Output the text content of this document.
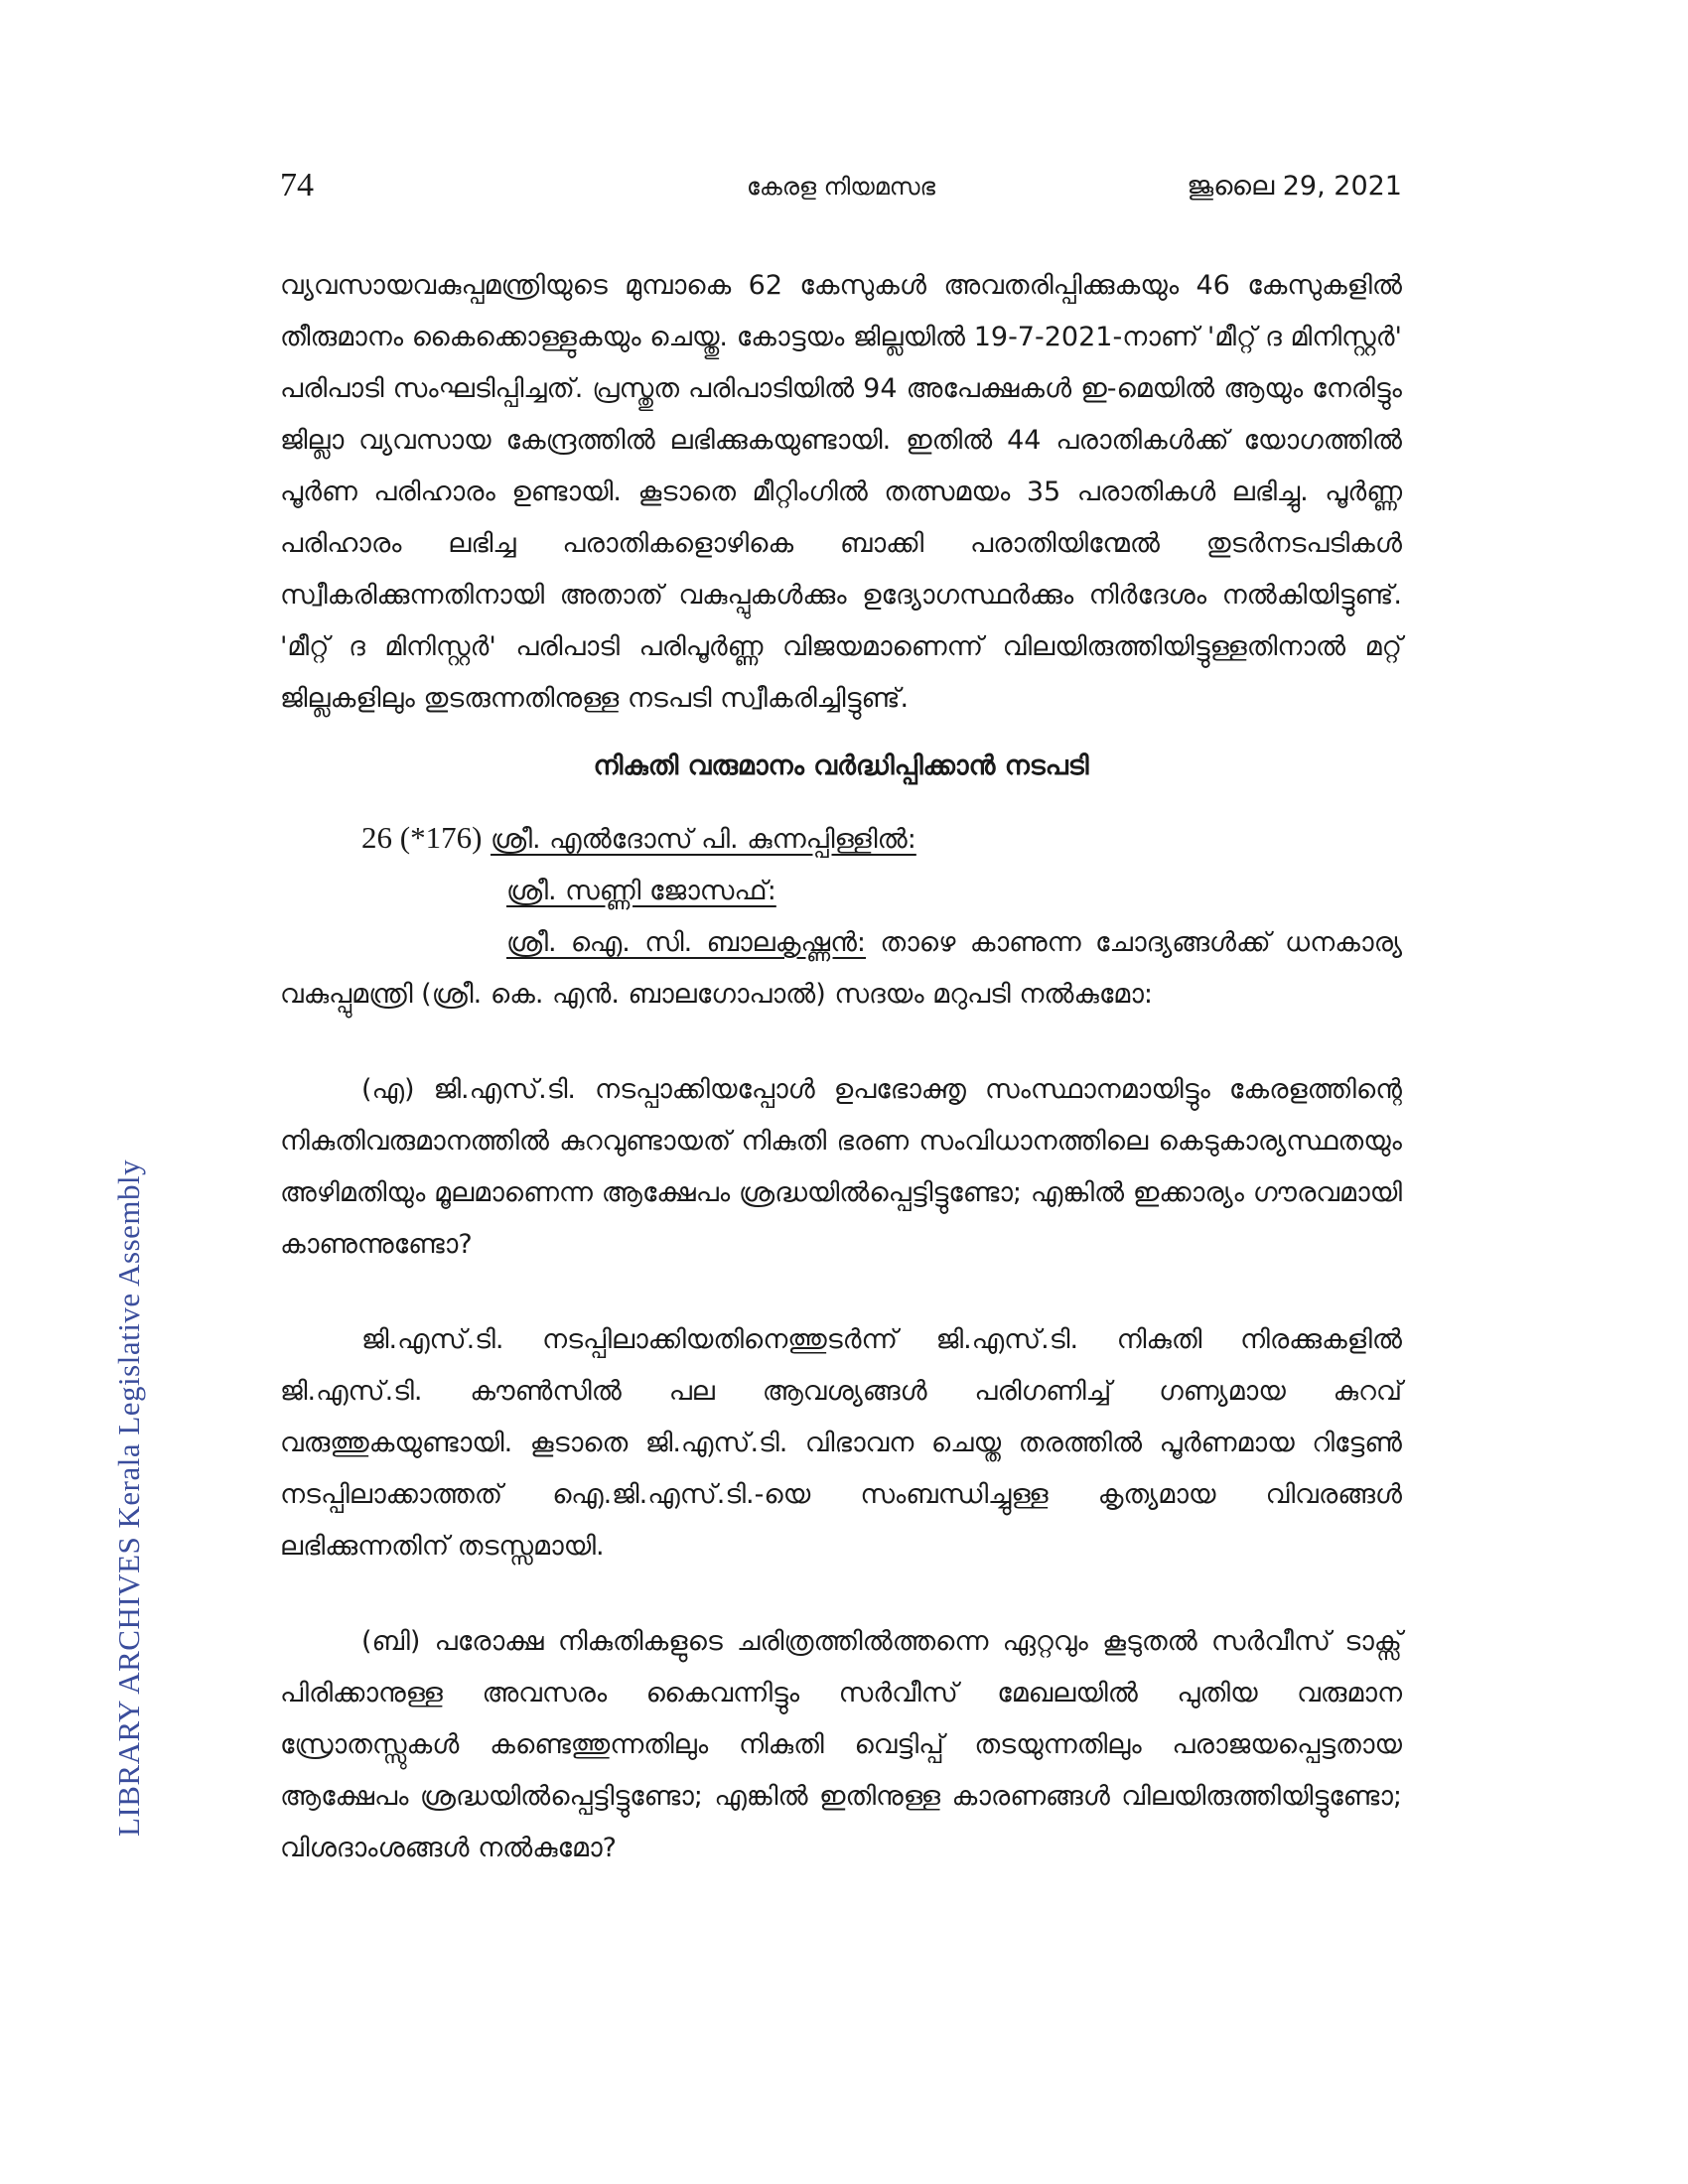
74	കേരള നിയമസഭ	ജൂലൈ 29, 2021
LIBRARY ARCHIVES Kerala Legislative Assembly

വ്യവസായവകുപ്പമന്ത്രിയുടെ മുമ്പാകെ 62 കേസുകൾ അവതരിപ്പിക്കുകയും 46 കേസുകളിൽ തീരുമാനം കൈക്കൊള്ളുകയും ചെയ്തു. കോട്ടയം ജില്ലയിൽ 19-7-2021-നാണ് 'മീറ്റ് ദ മിനിസ്റ്റർ' പരിപാടി സംഘടിപ്പിച്ചത്. പ്രസ്തുത പരിപാടിയിൽ 94 അപേക്ഷകൾ ഇ-മെയിൽ ആയും നേരിട്ടും ജില്ലാ വ്യവസായ കേന്ദ്രത്തിൽ ലഭിക്കുകയുണ്ടായി. ഇതിൽ 44 പരാതികൾക്ക് യോഗത്തിൽ പൂർണ പരിഹാരം ഉണ്ടായി. കൂടാതെ മീറ്റിംഗിൽ തത്സമയം 35 പരാതികൾ ലഭിച്ചു. പൂർണ്ണ പരിഹാരം ലഭിച്ച പരാതികളൊഴികെ ബാക്കി പരാതിയിന്മേൽ തുടർനടപടികൾ സ്വീകരിക്കുന്നതിനായി അതാത് വകുപ്പുകൾക്കും ഉദ്യോഗസ്ഥർക്കും നിർദേശം നൽകിയിട്ടുണ്ട്. 'മീറ്റ് ദ മിനിസ്റ്റർ' പരിപാടി പരിപൂർണ്ണ വിജയമാണെന്ന് വിലയിരുത്തിയിട്ടുള്ളതിനാൽ മറ്റ് ജില്ലകളിലും തുടരുന്നതിനുള്ള നടപടി സ്വീകരിച്ചിട്ടുണ്ട്.

നികുതി വരുമാനം വർദ്ധിപ്പിക്കാൻ നടപടി
26 (*176) ശ്രീ. എൽദോസ് പി. കുന്നപ്പിള്ളിൽ:
ശ്രീ. സണ്ണി ജോസഫ്:

ശ്രീ. ഐ. സി. ബാലകൃഷ്ണൻ: താഴെ കാണുന്ന ചോദ്യങ്ങൾക്ക് ധനകാര്യ വകുപ്പുമന്ത്രി (ശ്രീ. കെ. എൻ. ബാലഗോപാൽ) സദയം മറുപടി നൽകുമോ:

(എ) ജി.എസ്.ടി. നടപ്പാക്കിയപ്പോൾ ഉപഭോക്തൃ സംസ്ഥാനമായിട്ടും കേരളത്തിന്റെ നികുതിവരുമാനത്തിൽ കുറവുണ്ടായത് നികുതി ഭരണ സംവിധാനത്തിലെ കെടുകാര്യസ്ഥതയും അഴിമതിയും മൂലമാണെന്ന ആക്ഷേപം ശ്രദ്ധയിൽപ്പെട്ടിട്ടുണ്ടോ; എങ്കിൽ ഇക്കാര്യം ഗൗരവമായി കാണുന്നുണ്ടോ?

ജി.എസ്.ടി. നടപ്പിലാക്കിയതിനെത്തുടർന്ന് ജി.എസ്.ടി. നികുതി നിരക്കുകളിൽ ജി.എസ്.ടി. കൗൺസിൽ പല ആവശ്യങ്ങൾ പരിഗണിച്ച് ഗണ്യമായ കുറവ് വരുത്തുകയുണ്ടായി. കൂടാതെ ജി.എസ്.ടി. വിഭാവന ചെയ്ത തരത്തിൽ പൂർണമായ റിട്ടേൺ നടപ്പിലാക്കാത്തത് ഐ.ജി.എസ്.ടി.-യെ സംബന്ധിച്ചുള്ള കൃത്യമായ വിവരങ്ങൾ ലഭിക്കുന്നതിന് തടസ്സമായി.

(ബി) പരോക്ഷ നികുതികളുടെ ചരിത്രത്തിൽത്തന്നെ ഏറ്റവും കൂടുതൽ സർവീസ് ടാക്സ് പിരിക്കാനുള്ള അവസരം കൈവന്നിട്ടും സർവീസ് മേഖലയിൽ പുതിയ വരുമാന സ്രോതസ്സുകൾ കണ്ടെത്തുന്നതിലും നികുതി വെട്ടിപ്പ് തടയുന്നതിലും പരാജയപ്പെട്ടതായ ആക്ഷേപം ശ്രദ്ധയിൽപ്പെട്ടിട്ടുണ്ടോ; എങ്കിൽ ഇതിനുള്ള കാരണങ്ങൾ വിലയിരുത്തിയിട്ടുണ്ടോ; വിശദാംശങ്ങൾ നൽകുമോ?
